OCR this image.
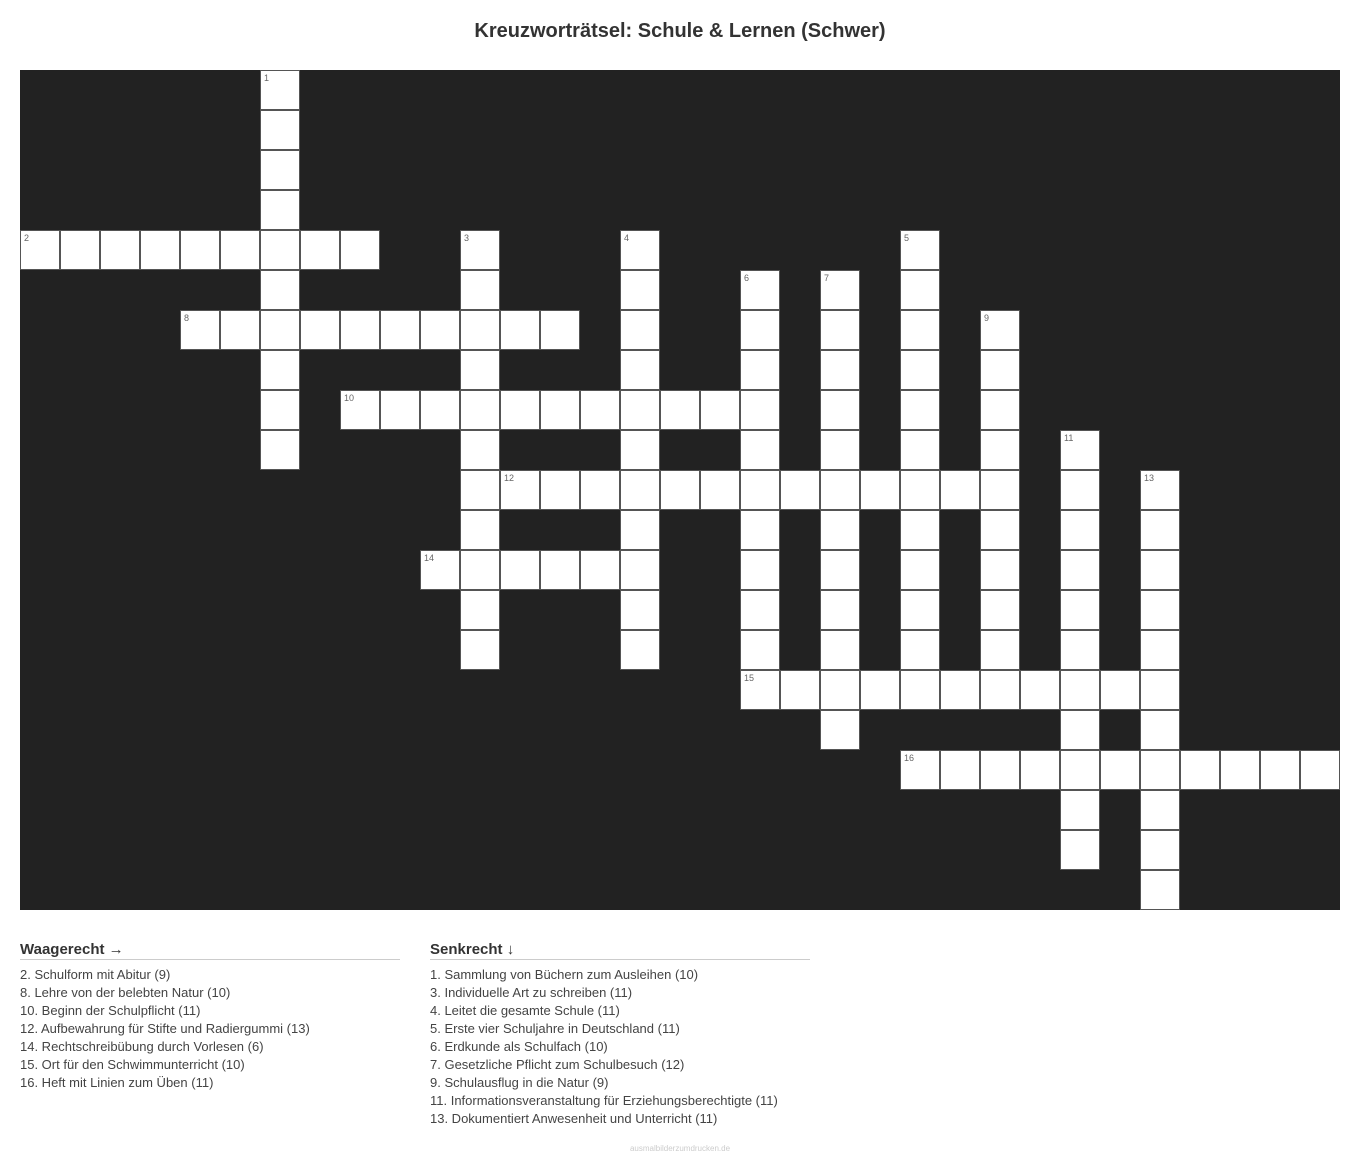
Kreuzworträtsel: Schule & Lernen (Schwer)
1
2	3	4	5
6	7
8	9
10
11
12	13
14
15
16
Waagerecht →
2. Schulform mit Abitur (9)
8. Lehre von der belebten Natur (10)
10. Beginn der Schulpflicht (11)
12. Aufbewahrung für Stifte und Radiergummi (13)
14. Rechtschreibübung durch Vorlesen (6)
15. Ort für den Schwimmunterricht (10)
16. Heft mit Linien zum Üben (11)
Senkrecht ↓
1. Sammlung von Büchern zum Ausleihen (10)
3. Individuelle Art zu schreiben (11)
4. Leitet die gesamte Schule (11)
5. Erste vier Schuljahre in Deutschland (11)
6. Erdkunde als Schulfach (10)
7. Gesetzliche Pflicht zum Schulbesuch (12)
9. Schulausflug in die Natur (9)
11. Informationsveranstaltung für Erziehungsberechtigte (11)
13. Dokumentiert Anwesenheit und Unterricht (11)
ausmalbilderzumdrucken.de
